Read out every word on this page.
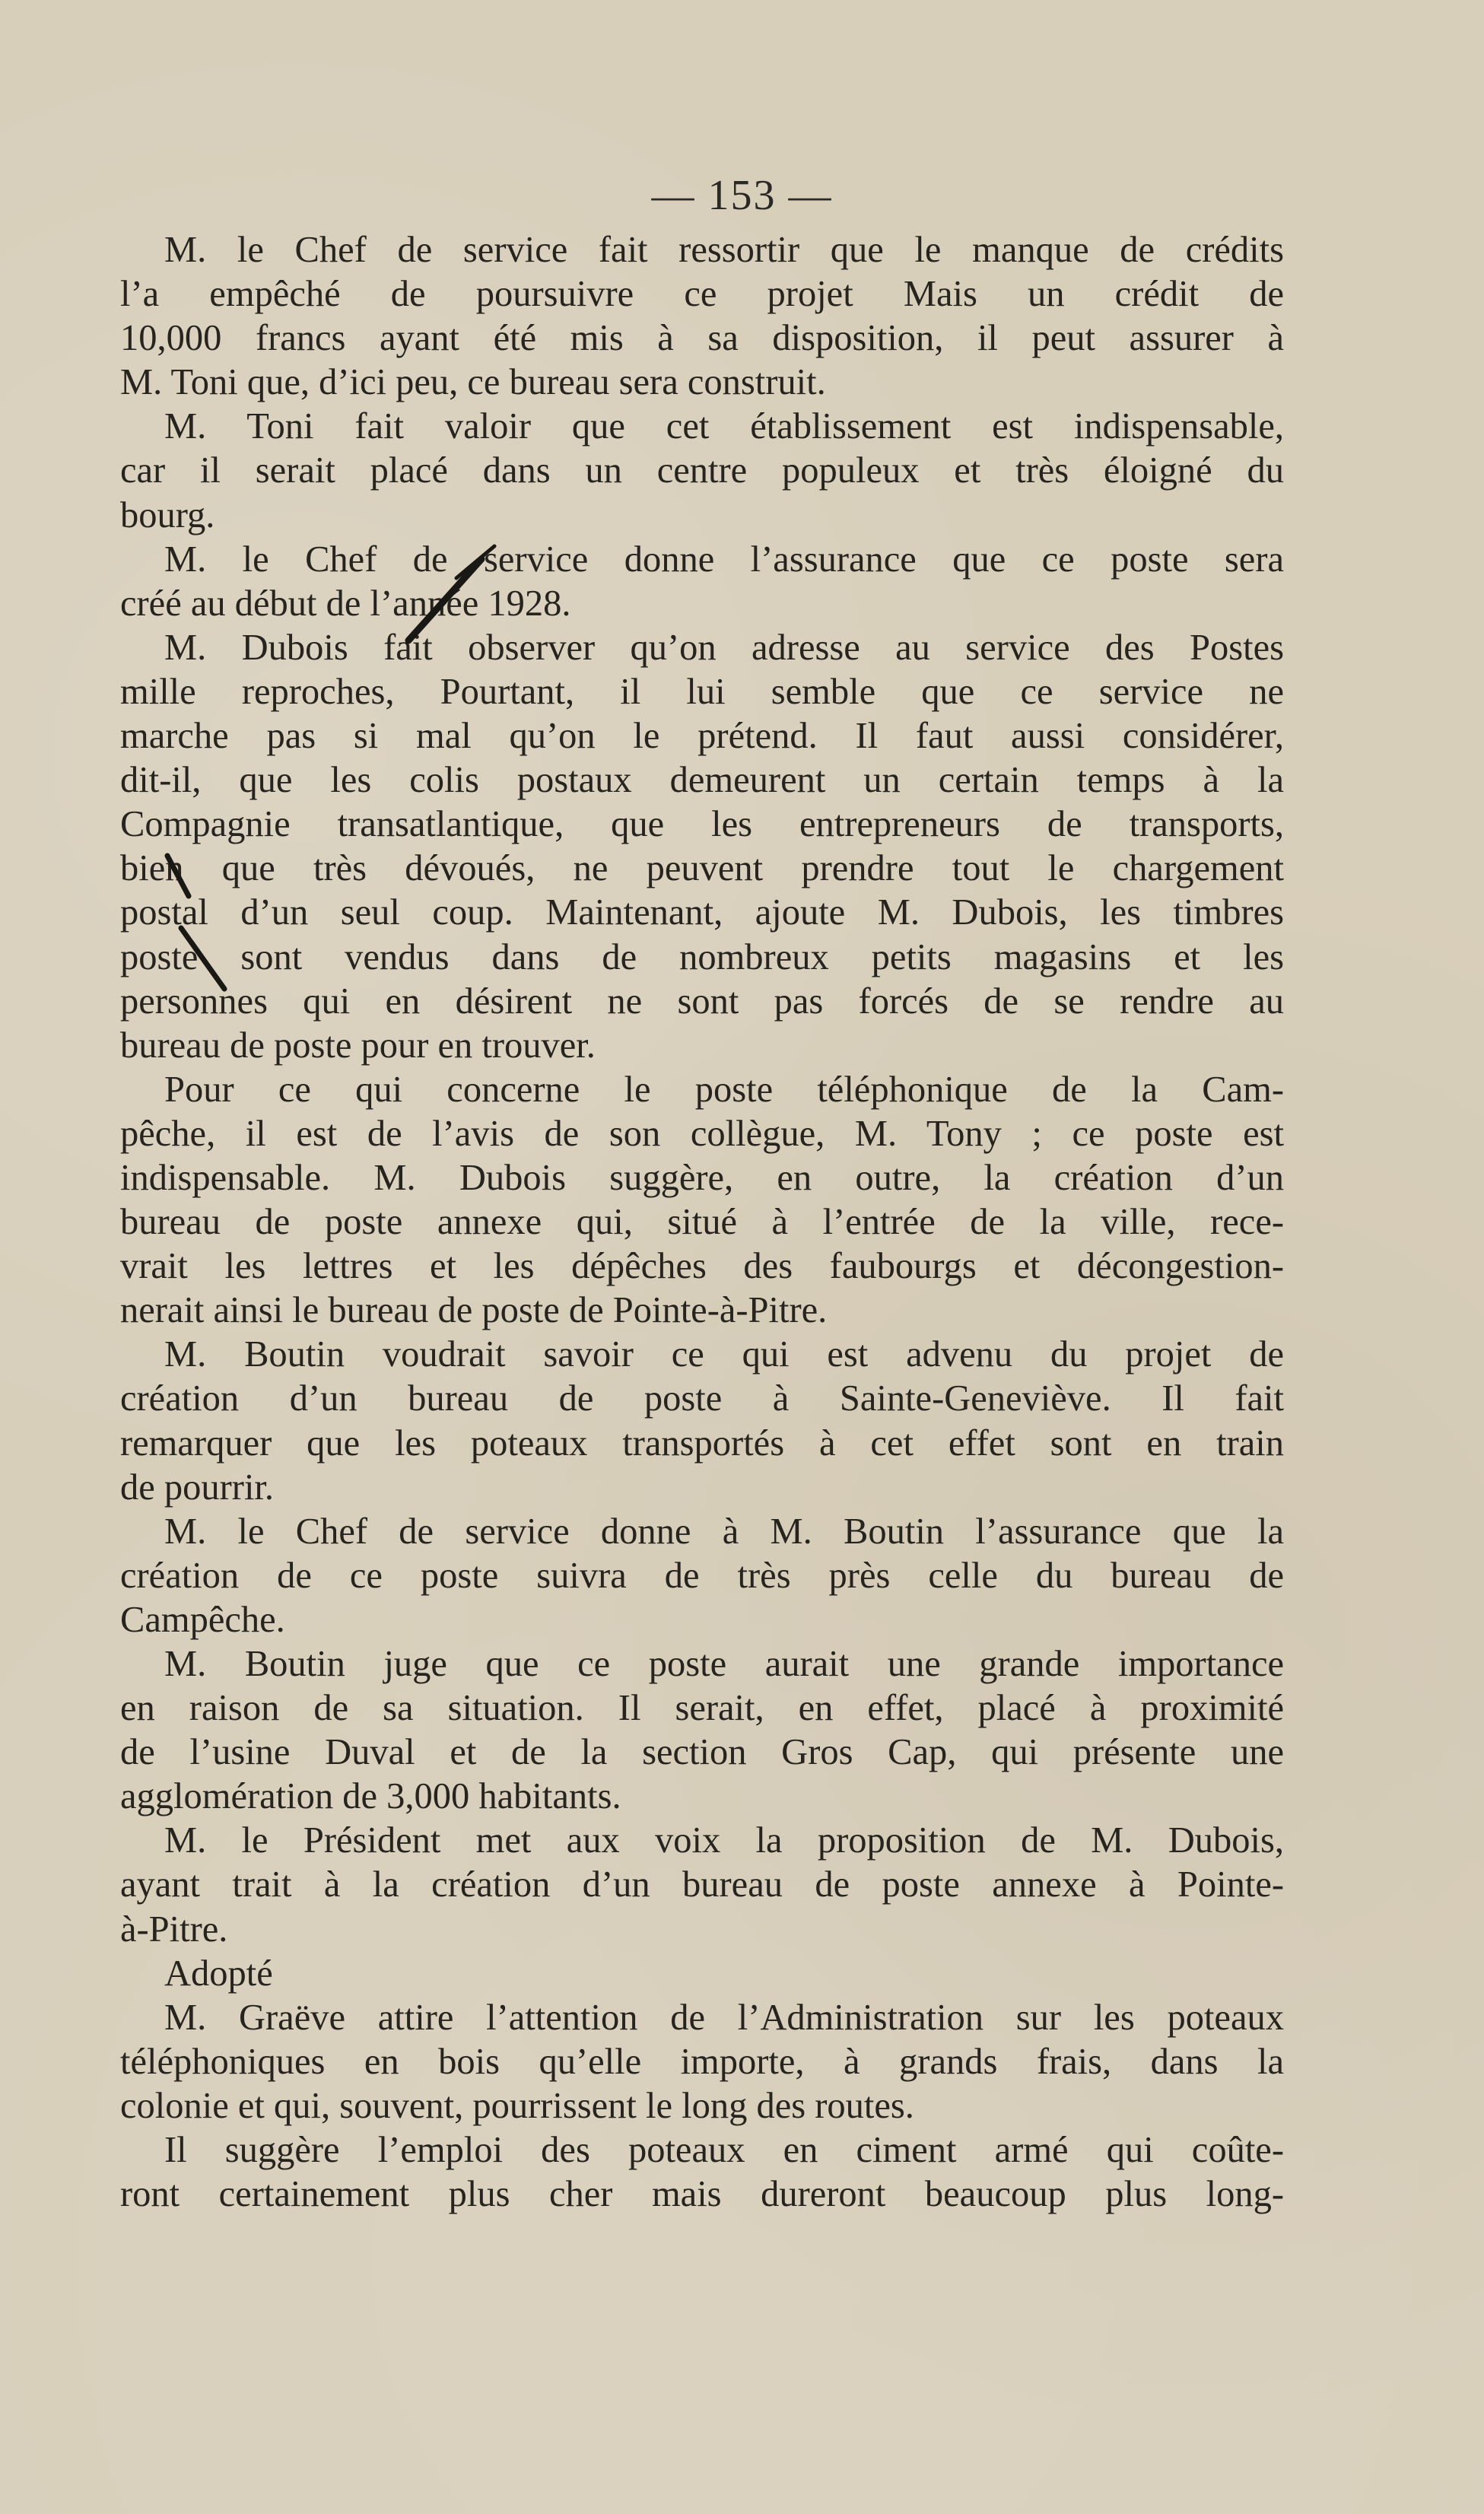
— 153 —
M. le Chef de service fait ressortir que le manque de crédits
l’a empêché de poursuivre ce projet Mais un crédit de
10,000 francs ayant été mis à sa disposition, il peut assurer à
M. Toni que, d’ici peu, ce bureau sera construit.
M. Toni fait valoir que cet établissement est indispensable,
car il serait placé dans un centre populeux et très éloigné du
bourg.
M. le Chef de service donne l’assurance que ce poste sera
créé au début de l’année 1928.
M. Dubois fait observer qu’on adresse au service des Postes
mille reproches, Pourtant, il lui semble que ce service ne
marche pas si mal qu’on le prétend. Il faut aussi considérer,
dit-il, que les colis postaux demeurent un certain temps à la
Compagnie transatlantique, que les entrepreneurs de transports,
bien que très dévoués, ne peuvent prendre tout le chargement
postal d’un seul coup. Maintenant, ajoute M. Dubois, les timbres
poste sont vendus dans de nombreux petits magasins et les
personnes qui en désirent ne sont pas forcés de se rendre au
bureau de poste pour en trouver.
Pour ce qui concerne le poste téléphonique de la Cam-
pêche, il est de l’avis de son collègue, M. Tony ; ce poste est
indispensable. M. Dubois suggère, en outre, la création d’un
bureau de poste annexe qui, situé à l’entrée de la ville, rece-
vrait les lettres et les dépêches des faubourgs et décongestion-
nerait ainsi le bureau de poste de Pointe-à-Pitre.
M. Boutin voudrait savoir ce qui est advenu du projet de
création d’un bureau de poste à Sainte-Geneviève. Il fait
remarquer que les poteaux transportés à cet effet sont en train
de pourrir.
M. le Chef de service donne à M. Boutin l’assurance que la
création de ce poste suivra de très près celle du bureau de
Campêche.
M. Boutin juge que ce poste aurait une grande importance
en raison de sa situation. Il serait, en effet, placé à proximité
de l’usine Duval et de la section Gros Cap, qui présente une
agglomération de 3,000 habitants.
M. le Président met aux voix la proposition de M. Dubois,
ayant trait à la création d’un bureau de poste annexe à Pointe-
à-Pitre.
Adopté
M. Graëve attire l’attention de l’Administration sur les poteaux
téléphoniques en bois qu’elle importe, à grands frais, dans la
colonie et qui, souvent, pourrissent le long des routes.
Il suggère l’emploi des poteaux en ciment armé qui coûte-
ront certainement plus cher mais dureront beaucoup plus long-
